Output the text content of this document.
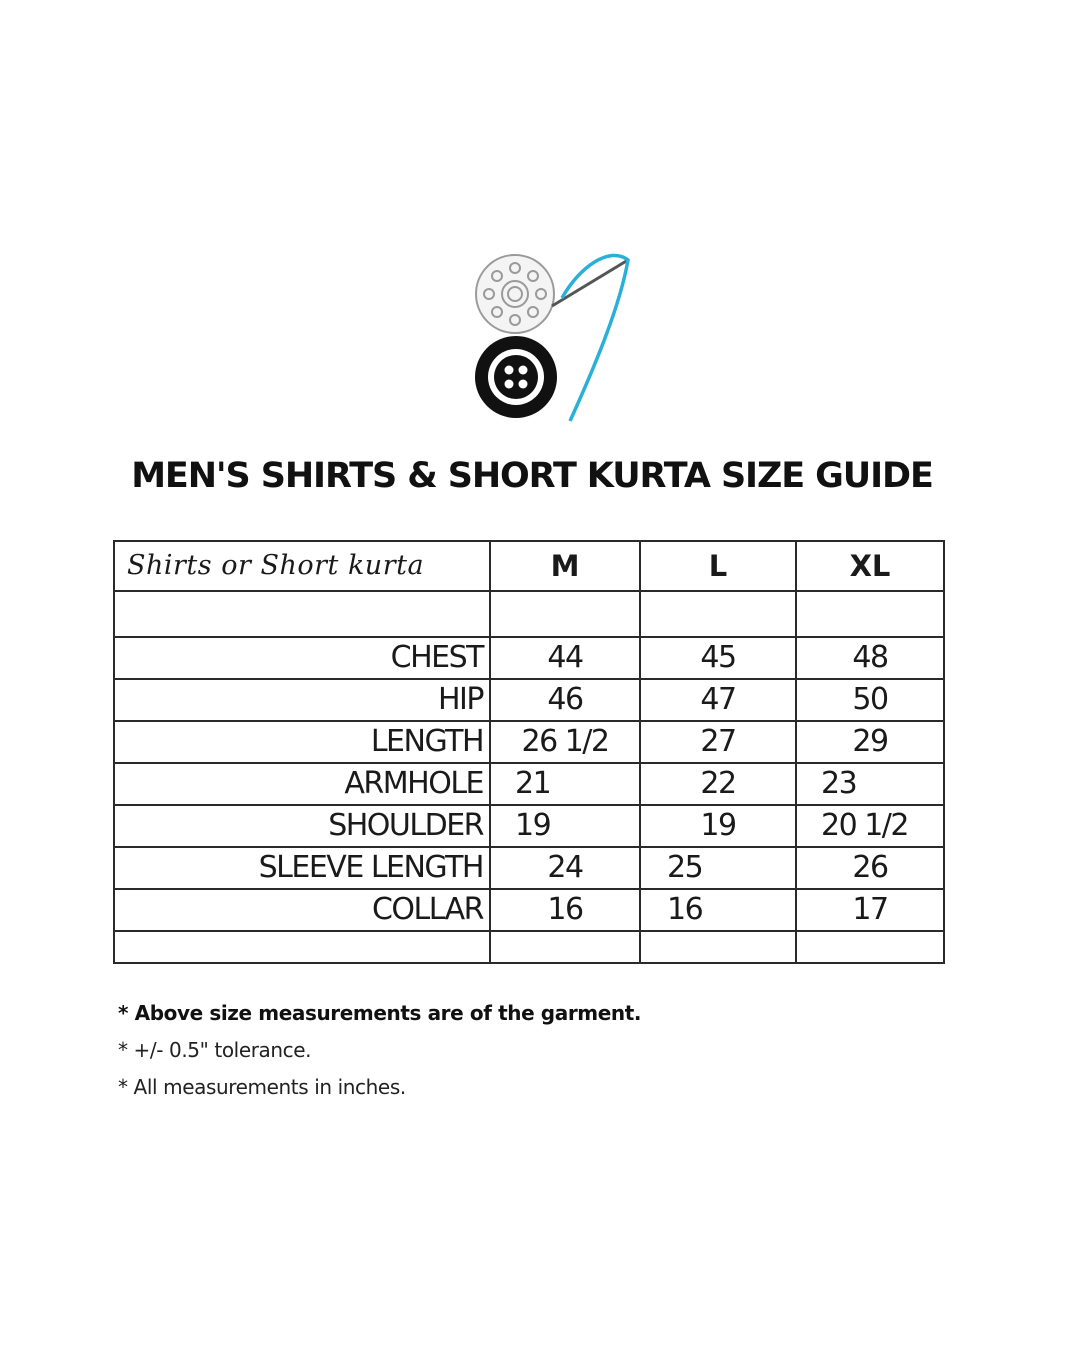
MEN'S SHIRTS & SHORT KURTA SIZE GUIDE
Shirts or Short kurta	M	L	XL

CHEST	44	45	48
HIP	46	47	50
LENGTH	26 1/2	27	29
ARMHOLE	21	22	23
SHOULDER	19	19	20 1/2
SLEEVE LENGTH	24	25	26
COLLAR	16	16	17

* Above size measurements are of the garment.

* +/- 0.5" tolerance.

* All measurements in inches.
